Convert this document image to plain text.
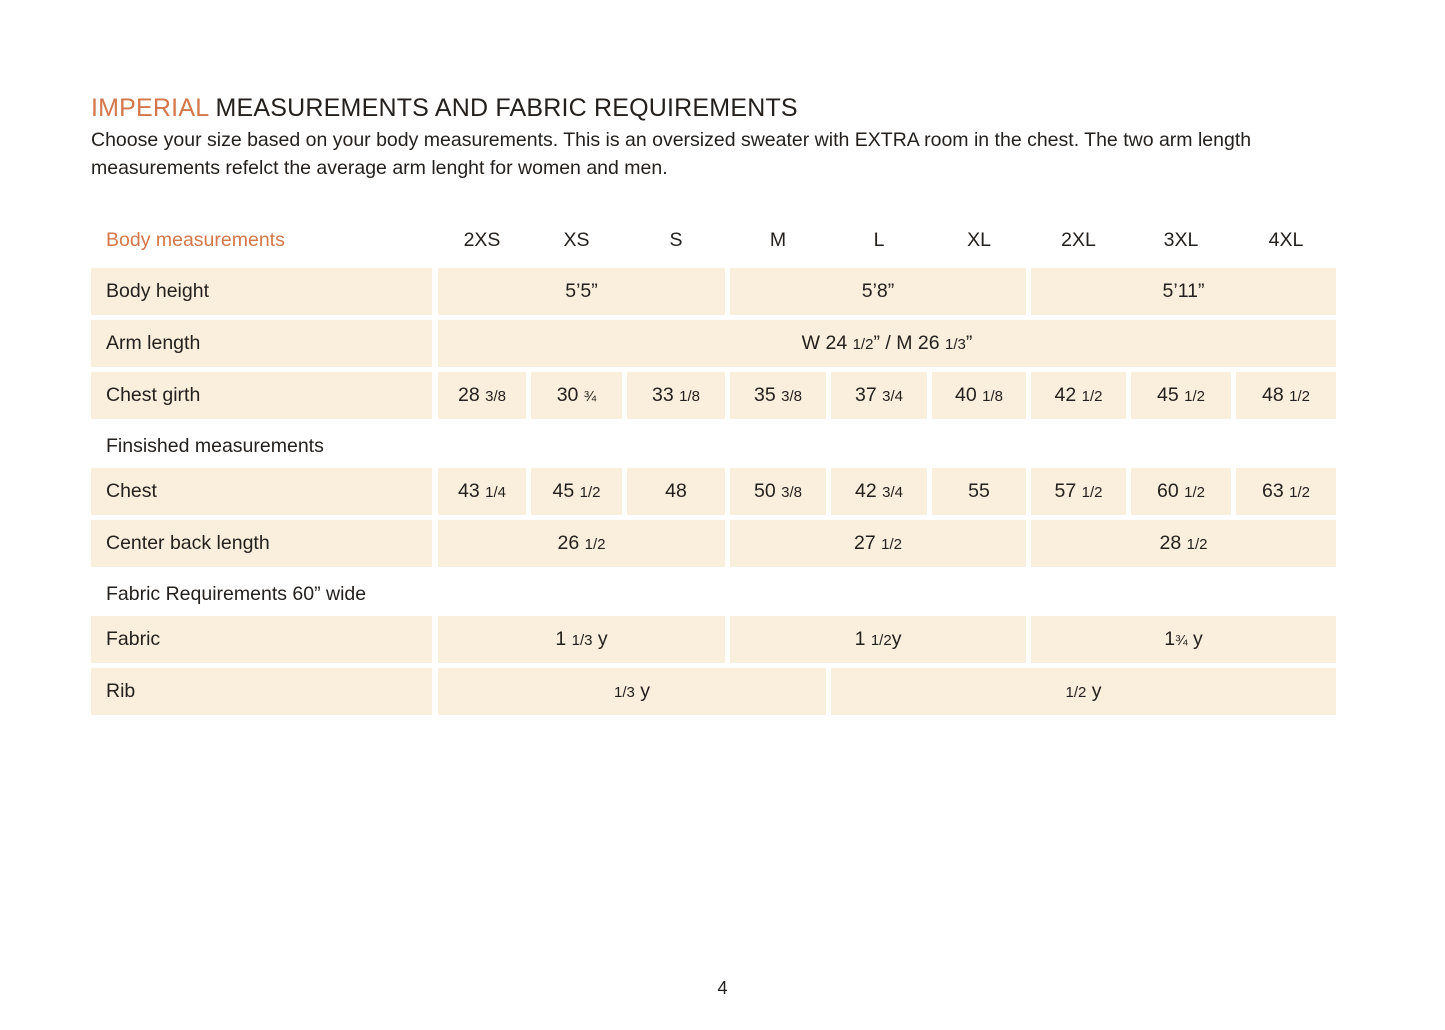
IMPERIAL MEASUREMENTS AND FABRIC REQUIREMENTS
Choose your size based on your body measurements. This is an oversized sweater with EXTRA room in the chest. The two arm length measurements refelct the average arm lenght for women and men.
Body measurements	2XS	XS	S	M	L	XL	2XL	3XL	4XL
Body height	5’5”	5’8”	5’11”
Arm length	W 24 1/2” / M 26 1/3”
Chest girth	28 3/8	30 ¾	33 1/8	35 3/8	37 3/4	40 1/8	42 1/2	45 1/2	48 1/2
Finsished measurements
Chest	43 1/4	45 1/2	48	50 3/8	42 3/4	55	57 1/2	60 1/2	63 1/2
Center back length	26 1/2	27 1/2	28 1/2
Fabric Requirements 60” wide
Fabric	1 1/3 y	1 1/2y	1¾ y
Rib	1/3 y	1/2 y
4
